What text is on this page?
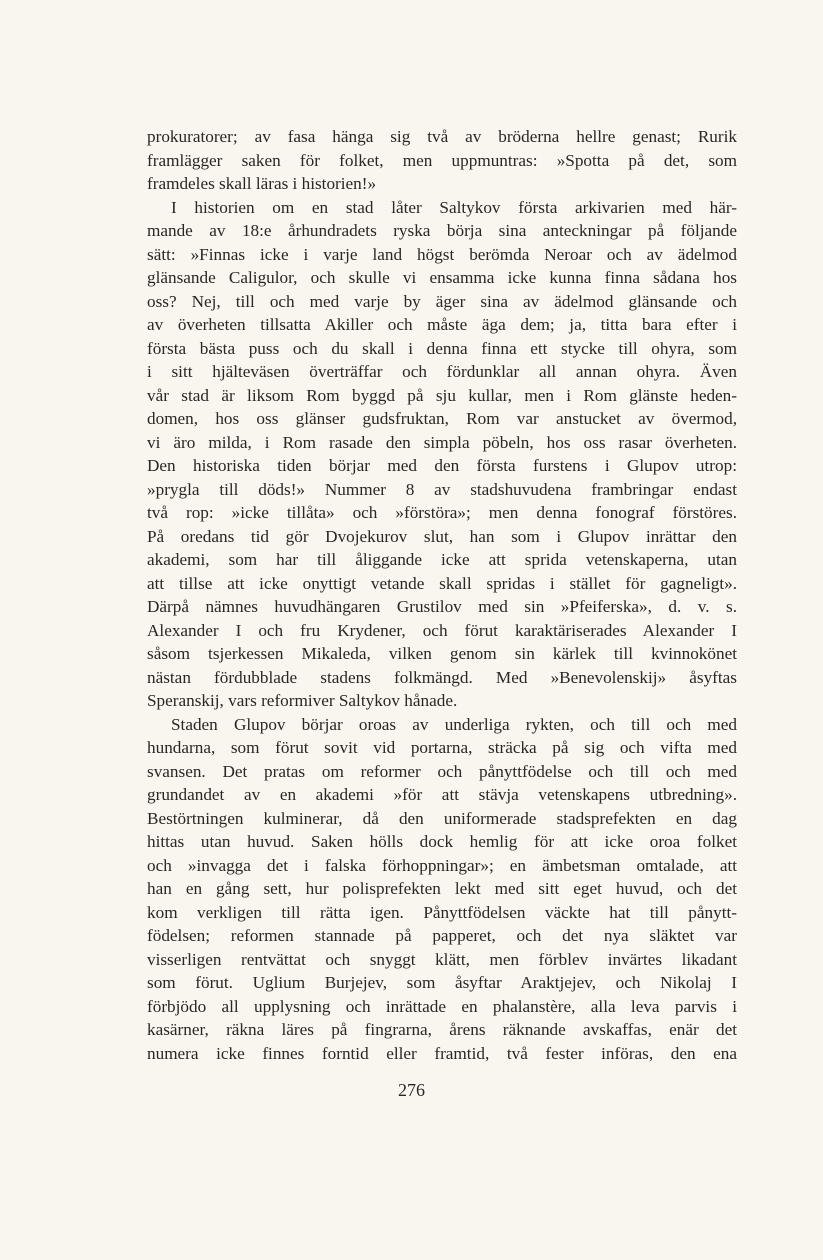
prokuratorer; av fasa hänga sig två av bröderna hellre genast; Rurik
framlägger saken för folket, men uppmuntras: »Spotta på det, som
framdeles skall läras i historien!»
I historien om en stad låter Saltykov första arkivarien med här-
mande av 18:e århundradets ryska börja sina anteckningar på följande
sätt: »Finnas icke i varje land högst berömda Neroar och av ädelmod
glänsande Caligulor, och skulle vi ensamma icke kunna finna sådana hos
oss? Nej, till och med varje by äger sina av ädelmod glänsande och
av överheten tillsatta Akiller och måste äga dem; ja, titta bara efter i
första bästa puss och du skall i denna finna ett stycke till ohyra, som
i sitt hjälteväsen överträffar och fördunklar all annan ohyra. Även
vår stad är liksom Rom byggd på sju kullar, men i Rom glänste heden-
domen, hos oss glänser gudsfruktan, Rom var anstucket av övermod,
vi äro milda, i Rom rasade den simpla pöbeln, hos oss rasar överheten.
Den historiska tiden börjar med den första furstens i Glupov utrop:
»prygla till döds!» Nummer 8 av stadshuvudena frambringar endast
två rop: »icke tillåta» och »förstöra»; men denna fonograf förstöres.
På oredans tid gör Dvojekurov slut, han som i Glupov inrättar den
akademi, som har till åliggande icke att sprida vetenskaperna, utan
att tillse att icke onyttigt vetande skall spridas i stället för gagneligt».
Därpå nämnes huvudhängaren Grustilov med sin »Pfeiferska», d. v. s.
Alexander I och fru Krydener, och förut karaktäriserades Alexander I
såsom tsjerkessen Mikaleda, vilken genom sin kärlek till kvinnokönet
nästan fördubblade stadens folkmängd. Med »Benevolenskij» åsyftas
Speranskij, vars reformiver Saltykov hånade.
Staden Glupov börjar oroas av underliga rykten, och till och med
hundarna, som förut sovit vid portarna, sträcka på sig och vifta med
svansen. Det pratas om reformer och pånyttfödelse och till och med
grundandet av en akademi »för att stävja vetenskapens utbredning».
Bestörtningen kulminerar, då den uniformerade stadsprefekten en dag
hittas utan huvud. Saken hölls dock hemlig för att icke oroa folket
och »invagga det i falska förhoppningar»; en ämbetsman omtalade, att
han en gång sett, hur polisprefekten lekt med sitt eget huvud, och det
kom verkligen till rätta igen. Pånyttfödelsen väckte hat till pånytt-
födelsen; reformen stannade på papperet, och det nya släktet var
visserligen rentvättat och snyggt klätt, men förblev invärtes likadant
som förut. Uglium Burjejev, som åsyftar Araktjejev, och Nikolaj I
förbjödo all upplysning och inrättade en phalanstère, alla leva parvis i
kasärner, räkna läres på fingrarna, årens räknande avskaffas, enär det
numera icke finnes forntid eller framtid, två fester införas, den ena
276
